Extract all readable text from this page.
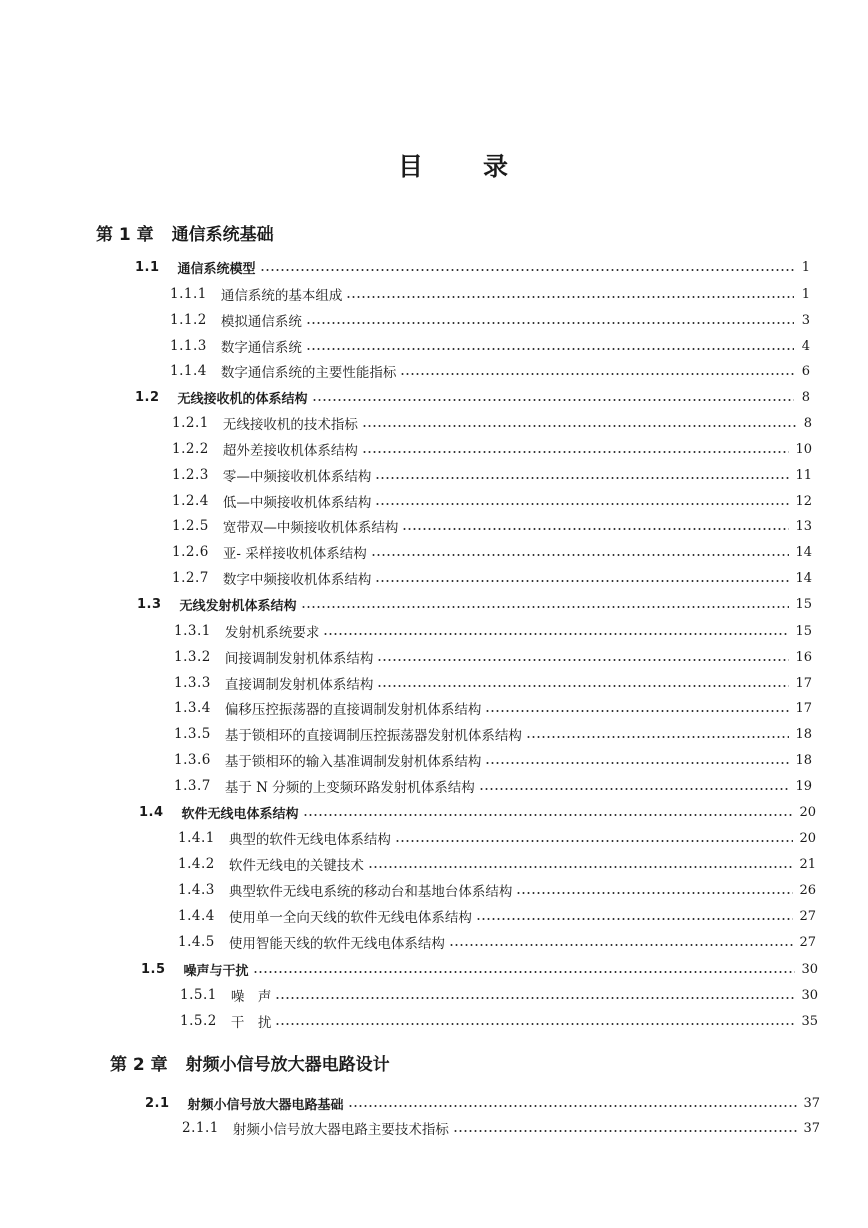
目 录
第 1 章 通信系统基础
1.1 通信系统模型	1
1.1.1 通信系统的基本组成	1
1.1.2 模拟通信系统	3
1.1.3 数字通信系统	4
1.1.4 数字通信系统的主要性能指标	6
1.2 无线接收机的体系结构	8
1.2.1 无线接收机的技术指标	8
1.2.2 超外差接收机体系结构	10
1.2.3 零—中频接收机体系结构	11
1.2.4 低—中频接收机体系结构	12
1.2.5 宽带双—中频接收机体系结构	13
1.2.6 亚- 采样接收机体系结构	14
1.2.7 数字中频接收机体系结构	14
1.3 无线发射机体系结构	15
1.3.1 发射机系统要求	15
1.3.2 间接调制发射机体系结构	16
1.3.3 直接调制发射机体系结构	17
1.3.4 偏移压控振荡器的直接调制发射机体系结构	17
1.3.5 基于锁相环的直接调制压控振荡器发射机体系结构	18
1.3.6 基于锁相环的输入基准调制发射机体系结构	18
1.3.7 基于 N 分频的上变频环路发射机体系结构	19
1.4 软件无线电体系结构	20
1.4.1 典型的软件无线电体系结构	20
1.4.2 软件无线电的关键技术	21
1.4.3 典型软件无线电系统的移动台和基地台体系结构	26
1.4.4 使用单一全向天线的软件无线电体系结构	27
1.4.5 使用智能天线的软件无线电体系结构	27
1.5 噪声与干扰	30
1.5.1 噪　声	30
1.5.2 干　扰	35
第 2 章 射频小信号放大器电路设计
2.1 射频小信号放大器电路基础	37
2.1.1 射频小信号放大器电路主要技术指标	37
